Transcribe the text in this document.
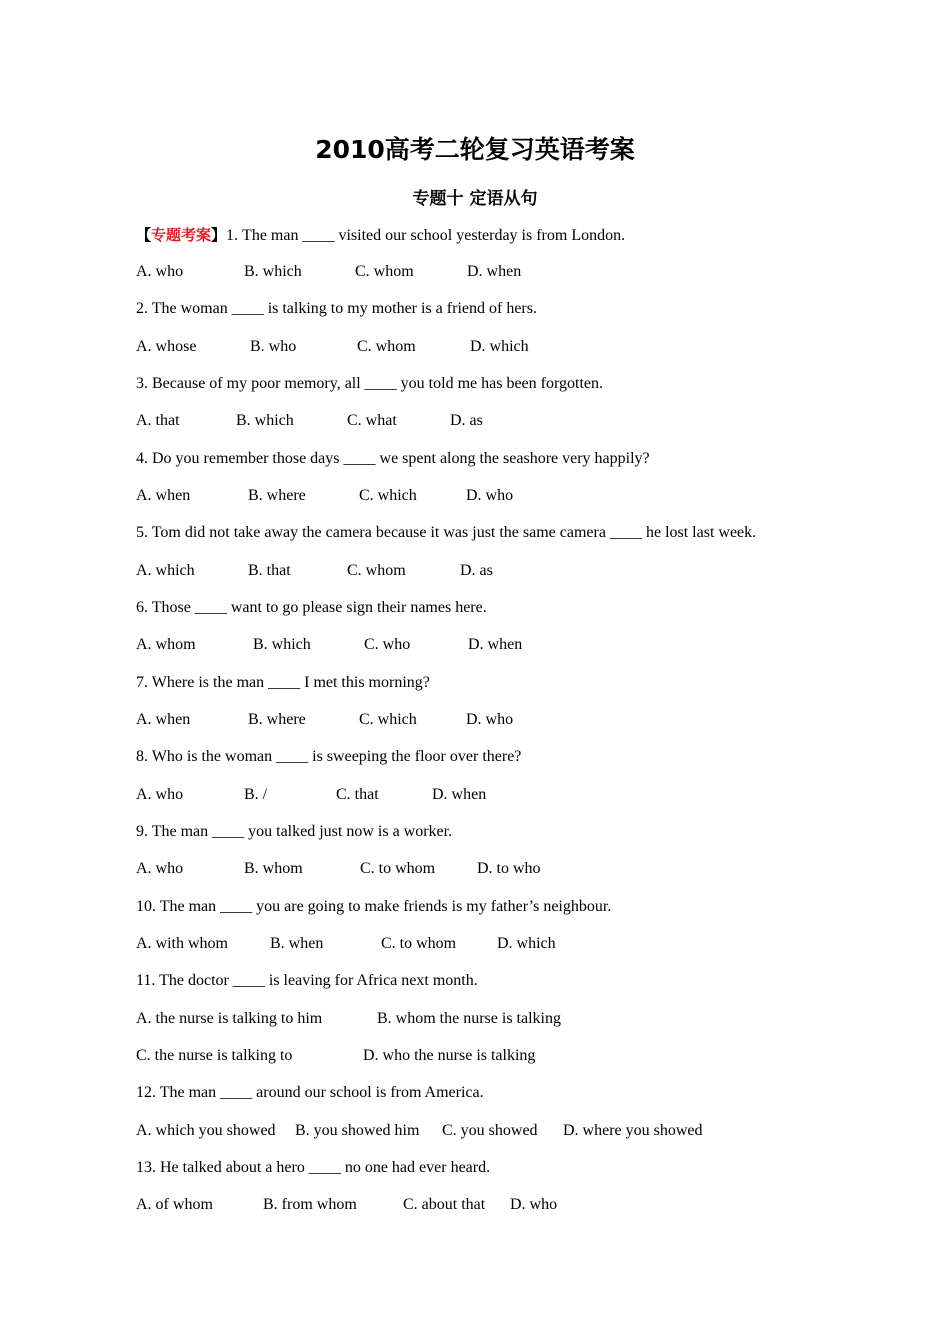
2010高考二轮复习英语考案
专题十 定语从句
【专题考案】1. The man ____ visited our school yesterday is from London.
A. who	B. which	C. whom	D. when
2. The woman ____ is talking to my mother is a friend of hers.
A. whose	B. who	C. whom	D. which
3. Because of my poor memory, all ____ you told me has been forgotten.
A. that	B. which	C. what	D. as
4. Do you remember those days ____ we spent along the seashore very happily?
A. when	B. where	C. which	D. who
5. Tom did not take away the camera because it was just the same camera ____ he lost last week.
A. which	B. that	C. whom	D. as
6. Those ____ want to go please sign their names here.
A. whom	B. which	C. who	D. when
7. Where is the man ____ I met this morning?
A. when	B. where	C. which	D. who
8. Who is the woman ____ is sweeping the floor over there?
A. who	B. /	C. that	D. when
9. The man ____ you talked just now is a worker.
A. who	B. whom	C. to whom	D. to who
10. The man ____ you are going to make friends is my father’s neighbour.
A. with whom	B. when	C. to whom	D. which
11. The doctor ____ is leaving for Africa next month.
A. the nurse is talking to him	B. whom the nurse is talking
C. the nurse is talking to	D. who the nurse is talking
12. The man ____ around our school is from America.
A. which you showed B. you showed him C. you showed D. where you showed
13. He talked about a hero ____ no one had ever heard.
A. of whom	B. from whom	C. about that D. who
